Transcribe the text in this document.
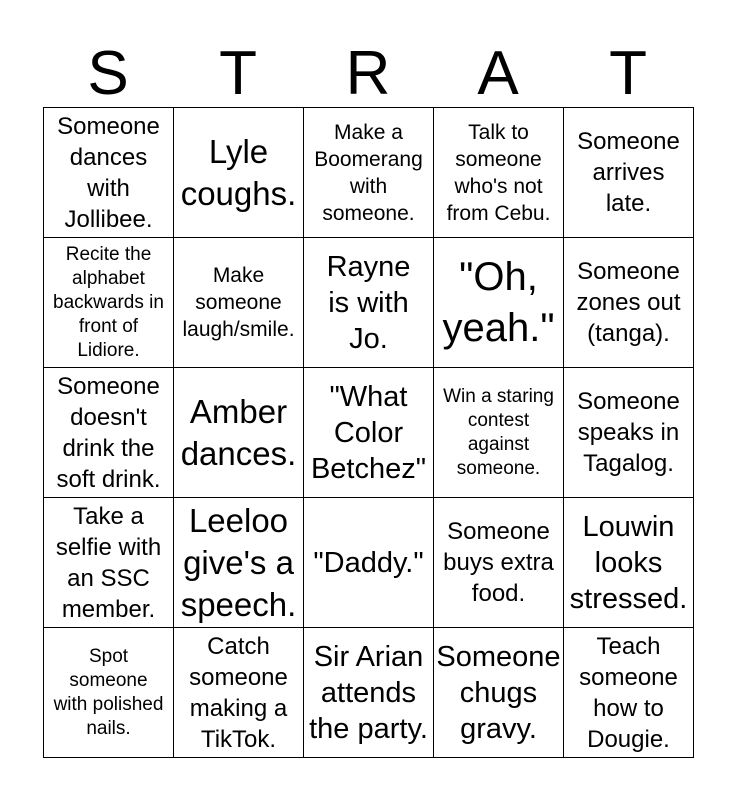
S	T	R	A	T
Someone
dances
with
Jollibee.
Lyle
coughs.
Make a
Boomerang
with
someone.
Talk to
someone
who's not
from Cebu.
Someone
arrives
late.
Recite the
alphabet
backwards in
front of
Lidiore.
Make
someone
laugh/smile.
Rayne
is with
Jo.
"Oh,
yeah."
Someone
zones out
(tanga).
Someone
doesn't
drink the
soft drink.
Amber
dances.
"What
Color
Betchez"
Win a staring
contest
against
someone.
Someone
speaks in
Tagalog.
Take a
selfie with
an SSC
member.
Leeloo
give's a
speech.
"Daddy."
Someone
buys extra
food.
Louwin
looks
stressed.
Spot
someone
with polished
nails.
Catch
someone
making a
TikTok.
Sir Arian
attends
the party.
Someone
chugs
gravy.
Teach
someone
how to
Dougie.
